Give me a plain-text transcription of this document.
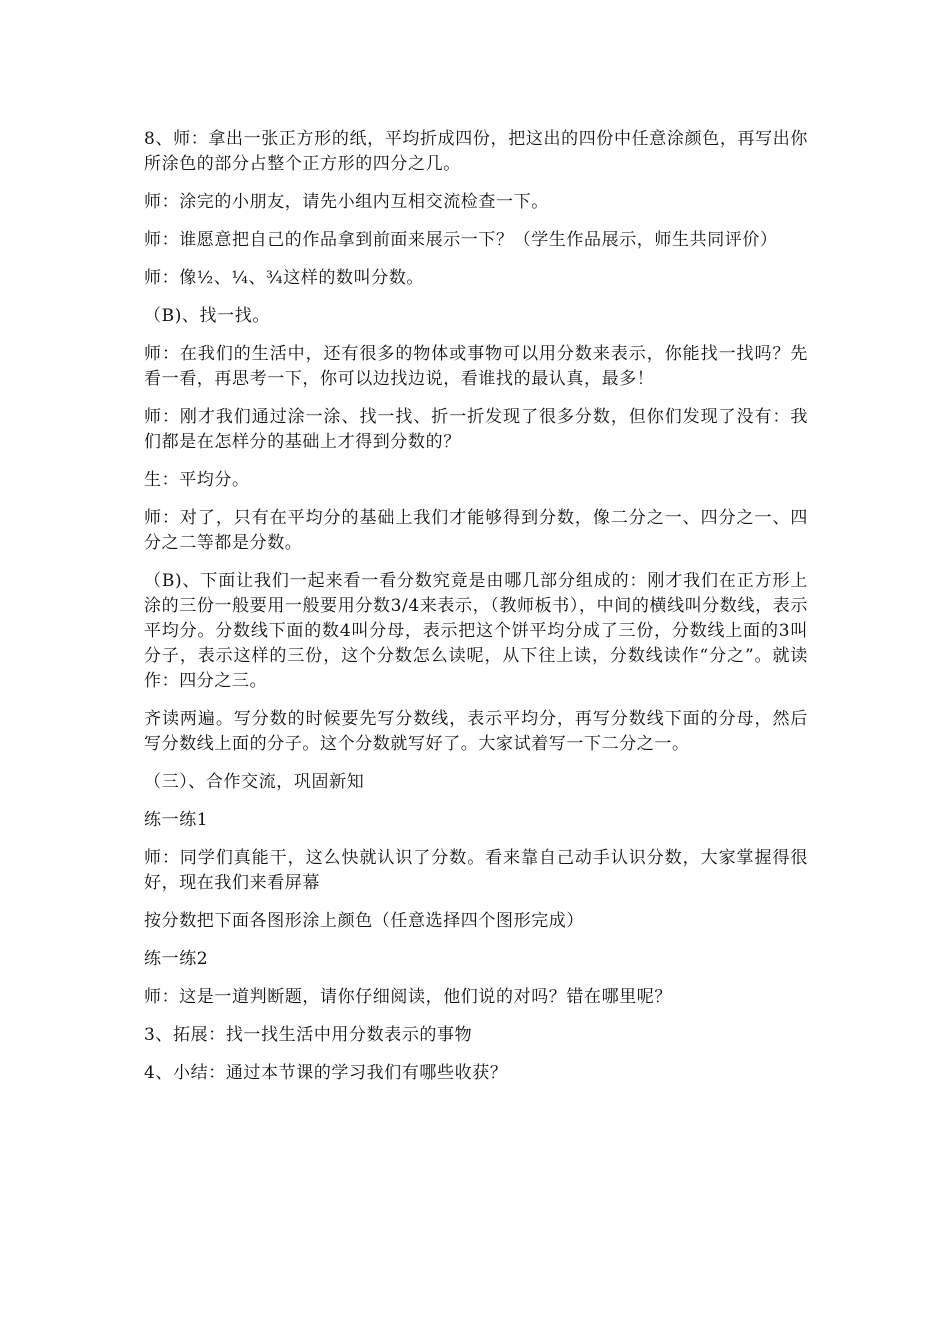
8、师：拿出一张正方形的纸，平均折成四份，把这出的四份中任意涂颜色，再写出你所涂色的部分占整个正方形的四分之几。

师：涂完的小朋友，请先小组内互相交流检查一下。

师：谁愿意把自己的作品拿到前面来展示一下？（学生作品展示，师生共同评价）

师：像½、¼、¾这样的数叫分数。

（B)、找一找。

师：在我们的生活中，还有很多的物体或事物可以用分数来表示，你能找一找吗？先看一看，再思考一下，你可以边找边说，看谁找的最认真，最多！

师：刚才我们通过涂一涂、找一找、折一折发现了很多分数，但你们发现了没有：我们都是在怎样分的基础上才得到分数的？

生：平均分。

师：对了，只有在平均分的基础上我们才能够得到分数，像二分之一、四分之一、四分之二等都是分数。

（B)、下面让我们一起来看一看分数究竟是由哪几部分组成的：刚才我们在正方形上涂的三份一般要用一般要用分数3/4来表示，（教师板书），中间的横线叫分数线，表示平均分。分数线下面的数4叫分母，表示把这个饼平均分成了三份，分数线上面的3叫分子，表示这样的三份，这个分数怎么读呢，从下往上读，分数线读作“分之”。就读作：四分之三。

齐读两遍。写分数的时候要先写分数线，表示平均分，再写分数线下面的分母，然后写分数线上面的分子。这个分数就写好了。大家试着写一下二分之一。

（三）、合作交流，巩固新知

练一练1

师：同学们真能干，这么快就认识了分数。看来靠自己动手认识分数，大家掌握得很好，现在我们来看屏幕

按分数把下面各图形涂上颜色（任意选择四个图形完成）

练一练2

师：这是一道判断题，请你仔细阅读，他们说的对吗？错在哪里呢？

3、拓展：找一找生活中用分数表示的事物

4、小结：通过本节课的学习我们有哪些收获？
